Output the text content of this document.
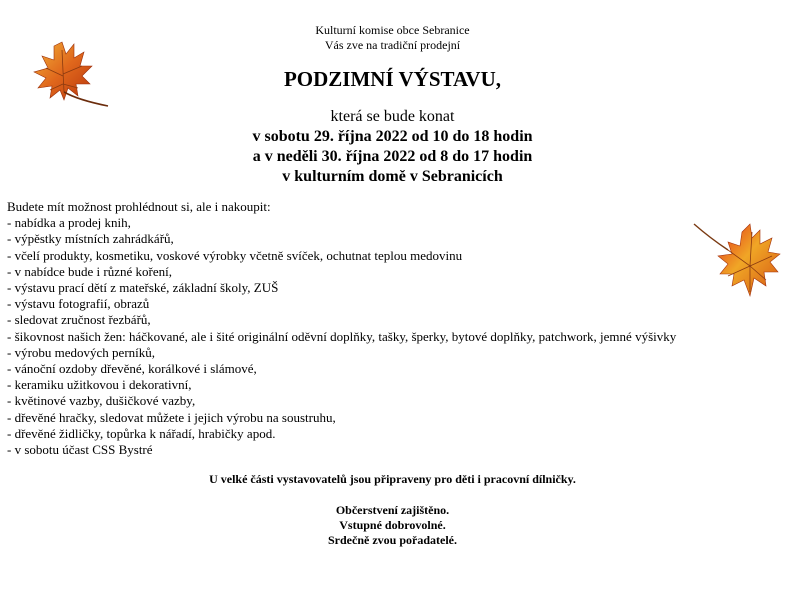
Kulturní komise obce Sebranice
Vás zve na tradiční prodejní
PODZIMNÍ VÝSTAVU,
která se bude konat
v sobotu 29. října 2022 od 10 do 18 hodin
a v neděli 30. října 2022 od 8 do 17 hodin
v kulturním domě v Sebranicích
Budete mít možnost prohlédnout si, ale i nakoupit:
- nabídka a prodej knih,
- výpěstky místních zahrádkářů,
- včelí produkty, kosmetiku, voskové výrobky včetně svíček, ochutnat teplou medovinu
- v nabídce bude i různé koření,
- výstavu prací dětí z mateřské, základní školy, ZUŠ
- výstavu fotografií, obrazů
- sledovat zručnost řezbářů,
- šikovnost našich žen: háčkované, ale i šité originální oděvní doplňky, tašky, šperky, bytové doplňky, patchwork, jemné výšivky
- výrobu medových perníků,
- vánoční ozdoby dřevěné, korálkové i slámové,
- keramiku užitkovou i dekorativní,
- květinové vazby, dušičkové vazby,
- dřevěné hračky, sledovat můžete i jejich výrobu na soustruhu,
- dřevěné židličky, topůrka k nářadí, hrabičky apod.
- v sobotu účast CSS Bystré
U velké části vystavovatelů jsou připraveny pro děti i pracovní dílničky.
Občerstvení zajištěno.
Vstupné dobrovolné.
Srdečně zvou pořadatelé.
